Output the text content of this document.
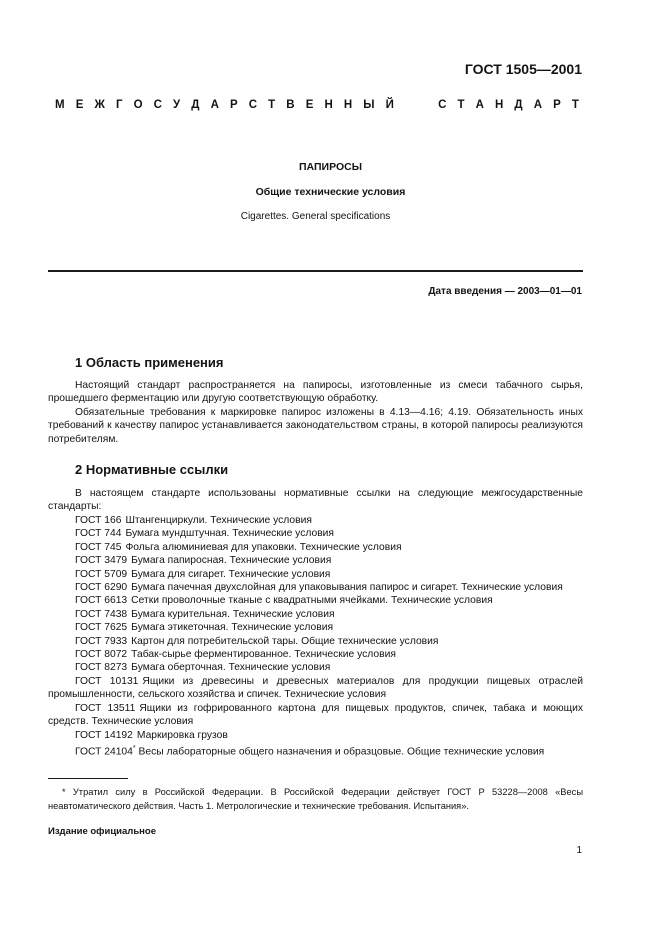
ГОСТ 1505—2001
М Е Ж Г О С У Д А Р С Т В Е Н Н Ы Й	С Т А Н Д А Р Т
ПАПИРОСЫ
Общие технические условия
Cigarettes. General specifications
Дата введения — 2003—01—01
1 Область применения

Настоящий стандарт распространяется на папиросы, изготовленные из смеси табачного сырья, прошедшего ферментацию или другую соответствующую обработку.

Обязательные требования к маркировке папирос изложены в 4.13—4.16; 4.19. Обязательность иных требований к качеству папирос устанавливается законодательством страны, в которой папиросы реализуются потребителям.

2 Нормативные ссылки

В настоящем стандарте использованы нормативные ссылки на следующие межгосударственные стандарты:

ГОСТ 166 Штангенциркули. Технические условия
ГОСТ 744 Бумага мундштучная. Технические условия
ГОСТ 745 Фольга алюминиевая для упаковки. Технические условия
ГОСТ 3479 Бумага папиросная. Технические условия
ГОСТ 5709 Бумага для сигарет. Технические условия
ГОСТ 6290 Бумага пачечная двухслойная для упаковывания папирос и сигарет. Технические условия
ГОСТ 6613 Сетки проволочные тканые с квадратными ячейками. Технические условия
ГОСТ 7438 Бумага курительная. Технические условия
ГОСТ 7625 Бумага этикеточная. Технические условия
ГОСТ 7933 Картон для потребительской тары. Общие технические условия
ГОСТ 8072 Табак-сырье ферментированное. Технические условия
ГОСТ 8273 Бумага оберточная. Технические условия
ГОСТ 10131 Ящики из древесины и древесных материалов для продукции пищевых отраслей промышленности, сельского хозяйства и спичек. Технические условия
ГОСТ 13511 Ящики из гофрированного картона для пищевых продуктов, спичек, табака и моющих средств. Технические условия
ГОСТ 14192 Маркировка грузов
ГОСТ 24104* Весы лабораторные общего назначения и образцовые. Общие технические условия

* Утратил силу в Российской Федерации. В Российской Федерации действует ГОСТ Р 53228—2008 «Весы неавтоматического действия. Часть 1. Метрологические и технические требования. Испытания».

Издание официальное
1
